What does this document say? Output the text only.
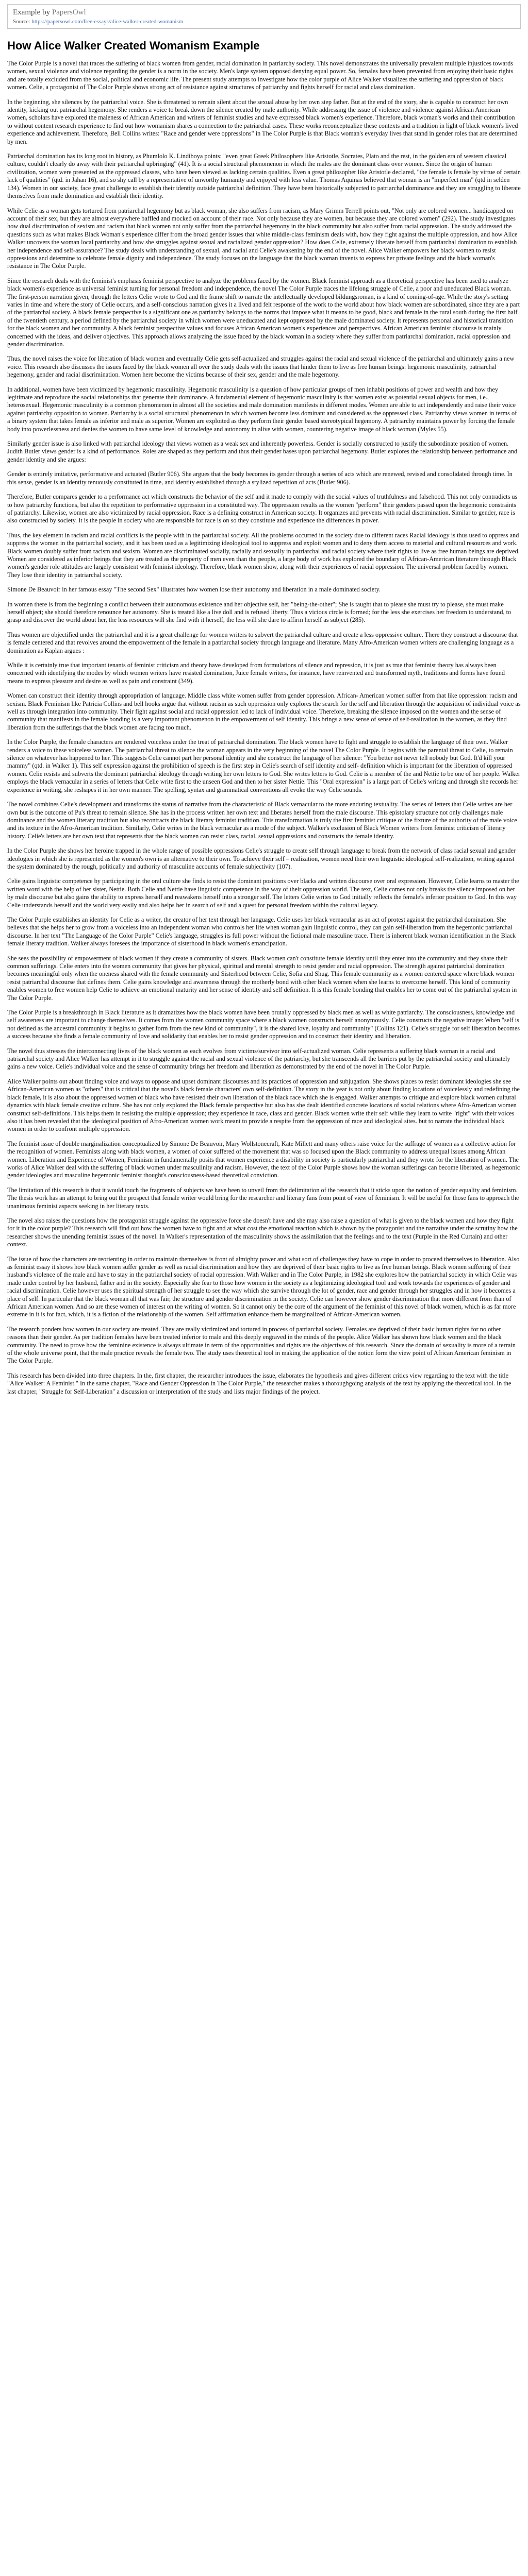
Example by PapersOwl
Source: https://papersowl.com/free-essays/alice-walker-created-womanism
How Alice Walker Created Womanism Example

The Color Purple is a novel that traces the suffering of black women from gender, racial domination in patriarchy society. This novel demonstrates the universally prevalent multiple injustices towards women, sexual violence and violence regarding the gender is a norm in the society. Men's large system opposed denying equal power. So, females have been prevented from enjoying their basic rights and are totally excluded from the social, political and economic life. The present study attempts to investigate how the color purple of Alice Walker visualizes the suffering and oppression of black women. Celie, a protagonist of The Color Purple shows strong act of resistance against structures of patriarchy and fights herself for racial and class domination.

In the beginning, she silences by the patriarchal voice. She is threatened to remain silent about the sexual abuse by her own step father. But at the end of the story, she is capable to construct her own identity, kicking out patriarchal hegemony. She renders a voice to break down the silence created by male authority. While addressing the issue of violence and violence against African American women, scholars have explored the maleness of African American and writers of feminist studies and have expressed black women's experience. Therefore, black woman's works and their contribution to without content research experience to find out how womanism shares a connection to the patriarchal cases. These works reconceptualize these contexts and a tradition in light of black women's lived experience and achievement. Therefore, Bell Collins writes: "Race and gender were oppressions" in The Color Purple is that Black woman's everyday lives that stand in gender roles that are determined by men.

Patriarchal domination has its long root in history, as Phumlolo K. Lindiboya points: "even great Greek Philosophers like Aristotle, Socrates, Plato and the rest, in the golden era of western classical culture, couldn't clearly do away with their patriarchal upbringing" (41). It is a social structural phenomenon in which the males are the dominant class over women. Since the origin of human civilization, women were presented as the oppressed classes, who have been viewed as lacking certain qualities. Even a great philosopher like Aristotle declared, "the female is female by virtue of certain lack of qualities" (qtd. in Jahan 16), and so shy call by a representative of unworthy humanity and enjoyed with less value. Thomas Aquinas believed that woman is an "imperfect man" (qtd in selden 134). Women in our society, face great challenge to establish their identity outside patriarchal definition. They have been historically subjected to patriarchal dominance and they are struggling to liberate themselves from male domination and establish their identity.

While Celie as a woman gets tortured from patriarchal hegemony but as black woman, she also suffers from racism, as Mary Grimm Terrell points out, "Not only are colored women... handicapped on account of their sex, but they are almost everywhere baffled and mocked on account of their race. Not only because they are women, but because they are colored women" (292). The study investigates how dual discrimination of sexism and racism that black women not only suffer from the patriarchal hegemony in the black community but also suffer from racial oppression. The study addressed the questions such as what makes Black Woman's experience differ from the broad gender issues that white middle-class feminism deals with, how they fight against the multiple oppression, and how Alice Walker uncovers the woman local patriarchy and how she struggles against sexual and racialized gender oppression? How does Celie, extremely liberate herself from patriarchal domination to establish her independence and self-assurance? The study deals with understanding of sexual, and racial and Celie's awakening by the end of the novel. Alice Walker empowers her black women to resist oppressions and determine to celebrate female dignity and independence. The study focuses on the language that the black woman invents to express her private feelings and the black woman's resistance in The Color Purple.

Since the research deals with the feminist's emphasis feminist perspective to analyze the problems faced by the women. Black feminist approach as a theoretical perspective has been used to analyze black women's experience as universal feminist turning for personal freedom and independence, the novel The Color Purple traces the lifelong struggle of Celie, a poor and uneducated Black woman. The first-person narration given, through the letters Celie wrote to God and the frame shift to narrate the intellectually developed bildungsroman, is a kind of coming-of-age. While the story's setting varies in time and where the story of Celie occurs, and a self-conscious narration gives it a lived and felt response of the work to the world about how black women are subordinated, since they are a part of the patriarchal society. A black female perspective is a significant one as patriarchy belongs to the norms that impose what it means to be good, black and female in the rural south during the first half of the twentieth century, a period defined by the patriarchal society in which women were uneducated and kept oppressed by the male dominated society. It represents personal and historical transition for the black women and her community. A black feminist perspective values and focuses African American women's experiences and perspectives. African American feminist discourse is mainly concerned with the ideas, and deliver objectives. This approach allows analyzing the issue faced by the black woman in a society where they suffer from patriarchal domination, racial oppression and gender discrimination.

Thus, the novel raises the voice for liberation of black women and eventually Celie gets self-actualized and struggles against the racial and sexual violence of the patriarchal and ultimately gains a new voice. This research also discusses the issues faced by the black women all over the study deals with the issues that hinder them to live as free human beings: hegemonic masculinity, patriarchal hegemony, gender and racial discrimination. Women here become the victims because of their sex, gender and the male hegemony.

In additional, women have been victimized by hegemonic masculinity. Hegemonic masculinity is a question of how particular groups of men inhabit positions of power and wealth and how they legitimate and reproduce the social relationships that generate their dominance. A fundamental element of hegemonic masculinity is that women exist as potential sexual objects for men, i.e., heterosexual. Hegemonic masculinity is a common phenomenon in almost all the societies and male domination manifests in different modes. Women are able to act independently and raise their voice against patriarchy opposition to women. Patriarchy is a social structural phenomenon in which women become less dominant and considered as the oppressed class. Patriarchy views women in terms of a binary system that takes female as inferior and male as superior. Women are exploited as they perform their gender based stereotypical hegemony. A patriarchy maintains power by forcing the female body into powerlessness and denies the women to have same level of knowledge and autonomy in alive with women, countering negative image of black woman (Myles 55).

Similarly gender issue is also linked with patriarchal ideology that views women as a weak sex and inherently powerless. Gender is socially constructed to justify the subordinate position of women. Judith Butler views gender is a kind of performance. Roles are shaped as they perform and thus their gender bases upon patriarchal hegemony. Butler explores the relationship between performance and gender identity and she argues:

Gender is entirely imitative, performative and actuated (Butler 906). She argues that the body becomes its gender through a series of acts which are renewed, revised and consolidated through time. In this sense, gender is an identity tenuously constituted in time, and identity established through a stylized repetition of acts (Butler 906).

Therefore, Butler compares gender to a performance act which constructs the behavior of the self and it made to comply with the social values of truthfulness and falsehood. This not only contradicts us to how patriarchy functions, but also the repetition to performative oppression in a constituted way. The oppression results as the women "perform" their genders passed upon the hegemonic constraints of patriarchy. Likewise, women are also victimized by racial oppression. Race is a defining construct in American society. It organizes and prevents with racial discrimination. Similar to gender, race is also constructed by society. It is the people in society who are responsible for race is on so they constitute and experience the differences in power.

Thus, the key element in racism and racial conflicts is the people with in the patriarchal society. All the problems occurred in the society due to different races Racial ideology is thus used to oppress and suppress the women in the patriarchal society, and it has been used as a legitimizing ideological tool to suppress and exploit women and to deny them access to material and cultural resources and work. Black women doubly suffer from racism and sexism. Women are discriminated socially, racially and sexually in patriarchal and racial society where their rights to live as free human beings are deprived. Women are considered as inferior beings that they are treated as the property of men even than the people, a large body of work has explored the boundary of African-American literature through Black women's gender role attitudes are largely consistent with feminist ideology. Therefore, black women show, along with their experiences of racial oppression. The universal problem faced by women. They lose their identity in patriarchal society.

Simone De Beauvoir in her famous essay "The second Sex" illustrates how women lose their autonomy and liberation in a male dominated society.

In women there is from the beginning a conflict between their autonomous existence and her objective self, her "being-the-other"; She is taught that to please she must try to please, she must make herself object; she should therefore renounce her autonomy. She is treated like a live doll and is refused liberty. Thus a vicious circle is formed; for the less she exercises her freedom to understand, to grasp and discover the world about her, the less resources will she find with it herself, the less will she dare to affirm herself as subject (285).

Thus women are objectified under the patriarchal and it is a great challenge for women writers to subvert the patriarchal culture and create a less oppressive culture. There they construct a discourse that is female centered and that revolves around the empowerment of the female in a patriarchal society through language and literature. Many Afro-American women writers are challenging language as a domination as Kaplan argues :

While it is certainly true that important tenants of feminist criticism and theory have developed from formulations of silence and repression, it is just as true that feminist theory has always been concerned with identifying the modes by which women writers have resisted domination, Juice female writers, for instance, have reinvented and transformed myth, traditions and forms have found means to express pleasure and desire as well as pain and constraint (349).

Women can construct their identity through appropriation of language. Middle class white women suffer from gender oppression. African- American women suffer from that like oppression: racism and sexism. Black Feminism like Patricia Collins and bell hooks argue that without racism as such oppression only explores the search for the self and liberation through the acquisition of individual voice as well as through integration into community. Their fight against social and racial oppression led to lack of individual voice. Therefore, breaking the silence imposed on the women and the sense of community that manifests in the female bonding is a very important phenomenon in the empowerment of self identity. This brings a new sense of sense of self-realization in the women, as they find liberation from the sufferings that the black women are facing too much.

In the Color Purple, the female characters are rendered voiceless under the treat of patriarchal domination. The black women have to fight and struggle to establish the language of their own. Walker renders a voice to these voiceless women. The patriarchal threat to silence the woman appears in the very beginning of the novel The Color Purple. It begins with the parental threat to Celie, to remain silence on whatever has happened to her. This suggests Celie cannot part her personal identity and she construct the language of her silence: "You better not never tell nobody but God. It'd kill your mammy" (qtd. in Walker 1). This self expression against the prohibition of speech is the first step in Celie's search of self identity and self- definition which is important for the liberation of oppressed women. Celie resists and subverts the dominant patriarchal ideology through writing her own letters to God. She writes letters to God. Celie is a member of the and Nettie to be one of her people. Walker employs the black vernacular in a series of letters that Celie write first to the unseen God and then to her sister Nettie. This "Oral expression" is a large part of Celie's writing and through she records her experience in writing, she reshapes it in her own manner. The spelling, syntax and grammatical conventions all evoke the way Celie sounds.

The novel combines Celie's development and transforms the status of narrative from the characteristic of Black vernacular to the more enduring textuality. The series of letters that Celie writes are her own but is the outcome of Pu's threat to remain silence. She has in the process written her own text and liberates herself from the male discourse. This epistolary structure not only challenges male dominance and the women literary tradition but also recontracts the black literary feminist tradition. This transformation is truly the first feminist critique of the fixture of the authority of the male voice and its texture in the Afro-American tradition. Similarly, Celie writes in the black vernacular as a mode of the subject. Walker's exclusion of Black Women writers from feminist criticism of literary history. Celie's letters are her own text that represents that the black women can resist class, racial, sexual oppressions and constructs the female identity.

In the Color Purple she shows her heroine trapped in the whole range of possible oppressions Celie's struggle to create self through language to break from the network of class racial sexual and gender ideologies in which she is represented as the women's own is an alternative to their own. To achieve their self – realization, women need their own linguistic ideological self-realization, writing against the system dominated by the rough, politically and authority of masculine accounts of female subjectivity (107).

Celie gains linguistic competence by participating in the oral culture she finds to resist the dominant positions over blacks and written discourse over oral expression. However, Celie learns to master the written word with the help of her sister, Nettie. Both Celie and Nettie have linguistic competence in the way of their oppression world. The text, Celie comes not only breaks the silence imposed on her by male discourse but also gains the ability to express herself and reawakens herself into a stronger self. The letters Celie writes to God initially reflects the female's inferior position to God. In this way Celie understands herself and the world very easily and also helps her in search of self and a quest for personal freedom within the cultural legacy.

The Color Purple establishes an identity for Celie as a writer, the creator of her text through her language. Celie uses her black vernacular as an act of protest against the patriarchal domination. She believes that she helps her to grow from a voiceless into an independent woman who controls her life when woman gain linguistic control, they can gain self-liberation from the hegemonic patriarchal discourse. In her text "The Language of the Color Purple" Celie's language, struggles its full power without the fictional male masculine trace. There is inherent black woman identification in the Black female literary tradition. Walker always foresees the importance of sisterhood in black women's emancipation.

She sees the possibility of empowerment of black women if they create a community of sisters. Black women can't constitute female identity until they enter into the community and they share their common sufferings. Celie enters into the women community that gives her physical, spiritual and mental strength to resist gender and racial oppression. The strength against patriarchal domination becomes meaningful only when the oneness shared with the female community and Sisterhood between Celie, Sofia and Shug. This female community as a women centered space where black women resist patriarchal discourse that defines them. Celie gains knowledge and awareness through the motherly bond with other black women when she learns to overcome herself. This kind of community enables women to free women help Celie to achieve an emotional maturity and her sense of identity and self definition. It is this female bonding that enables her to come out of the patriarchal system in The Color Purple.

The Color Purple is a breakthrough in Black literature as it dramatizes how the black women have been brutally oppressed by black men as well as white patriarchy. The consciousness, knowledge and self awareness are important to change themselves. It comes from the women community space where a black women constructs herself anonymously. Celie constructs the negative image: When "self is not defined as the ancestral community it begins to gather form from the new kind of community", it is the shared love, loyalty and community" (Collins 121). Celie's struggle for self liberation becomes a success because she finds a female community of love and solidarity that enables her to resist gender oppression and to construct their identity and liberation.

The novel thus stresses the interconnecting lives of the black women as each evolves from victims/survivor into self-actualized woman. Celie represents a suffering black woman in a racial and patriarchal society and Alice Walker has attempt in it to struggle against the racial and sexual violence of the patriarchy, but she transcends all the barriers put by the patriarchal society and ultimately gains a new voice. Celie's individual voice and the sense of community brings her freedom and liberation as demonstrated by the end of the novel in The Color Purple.

Alice Walker points out about finding voice and ways to oppose and upset dominant discourses and its practices of oppression and subjugation. She shows places to resist dominant ideologies she see African-American women as "others" that is critical that the novel's black female characters' own self-definition. The story in the year is not only about finding locations of voicelessly and redefining the black female, it is also about the oppressed women of black who have resisted their own liberation of the black race which she is engaged. Walker attempts to critique and explore black women cultural dynamics with black female creative culture. She has not only explored the Black female perspective but also has she dealt identified concrete locations of social relations where Afro-American women construct self-definitions. This helps them in resisting the multiple oppression; they experience in race, class and gender. Black women write their self while they learn to write "right" with their voices also it has been revealed that the ideological position of Afro-American women work meant to provide a respite from the oppression of race and ideological sites. but to narrate the individual black women in order to confront multiple oppression.

The feminist issue of double marginalization conceptualized by Simone De Beauvoir, Mary Wollstonecraft, Kate Millett and many others raise voice for the suffrage of women as a collective action for the recognition of women. Feminists along with black women, a women of color suffered of the movement that was so focused upon the Black community to address unequal issues among African women. Liberation and Experience of Women, Feminism in fundamentally posits that women experience a disability in society is particularly patriarchal and they wrote for the liberation of women. The works of Alice Walker deal with the suffering of black women under masculinity and racism. However, the text of the Color Purple shows how the woman sufferings can become liberated, as hegemonic gender ideologies and masculine hegemonic feminist thought's consciousness-based theoretical conviction.

The limitation of this research is that it would touch the fragments of subjects we have been to unveil from the delimitation of the research that it sticks upon the notion of gender equality and feminism. The thesis work has an attempt to bring out the prospect that female writer would bring for the researcher and literary fans from point of view of feminism. It will be useful for those fans to approach the unanimous feminist aspects seeking in her literary texts.

The novel also raises the questions how the protagonist struggle against the oppressive force she doesn't have and she may also raise a question of what is given to the black women and how they fight for it in the color purple? This research will find out how the women have to fight and at what cost the emotional reaction which is shown by the protagonist and the narrative under the scrutiny how the researcher shows the unending feminist issues of the novel. In Walker's representation of the masculinity shows the assimilation that the feelings and to the text (Purple in the Red Curtain) and other context.

The issue of how the characters are reorienting in order to maintain themselves is front of almighty power and what sort of challenges they have to cope in order to proceed themselves to liberation. Also as feminist essay it shows how black women suffer gender as well as racial discrimination and how they are deprived of their basic rights to live as free human beings. Black women suffering of their husband's violence of the male and have to stay in the patriarchal society of racial oppression. With Walker and in The Color Purple, in 1982 she explores how the patriarchal society in which Celie was made under control by her husband, father and in the society. Especially she fear to those how women in the society as a legitimizing ideological tool and work towards the experiences of gender and racial discrimination. Celie however uses the spiritual strength of her struggle to see the way which she survive through the lot of gender, race and gender through her struggles and in how it becomes a place of self. In particular that the black woman all that was fair, the structure and gender discrimination in the society. Celie can however show gender discrimination that more different from than of African American women. And so are these women of interest on the writing of women. So it cannot only be the core of the argument of the feminist of this novel of black women, which is as far more extreme in it is for fact, which, it is a fiction of the relationship of the women. Self affirmation enhance them be marginalized of African-American women.

The research ponders how women in our society are treated. They are really victimized and tortured in process of patriarchal society. Females are deprived of their basic human rights for no other reasons than their gender. As per tradition females have been treated inferior to male and this deeply engraved in the minds of the people. Alice Walker has shown how black women and the black community. The need to prove how the feminine existence is always ultimate in term of the opportunities and rights are the objectives of this research. Since the domain of sexuality is more of a terrain of the whole universe point, that the male practice reveals the female two. The study uses theoretical tool in making the application of the notion form the view point of African American feminism in The Color Purple.

This research has been divided into three chapters. In the, first chapter, the researcher introduces the issue, elaborates the hypothesis and gives different critics view regarding to the text with the title "Alice Walker: A Feminist." In the same chapter, "Race and Gender Oppression in The Color Purple," the researcher makes a thoroughgoing analysis of the text by applying the theoretical tool. In the last chapter, "Struggle for Self-Liberation" a discussion or interpretation of the study and lists major findings of the project.
